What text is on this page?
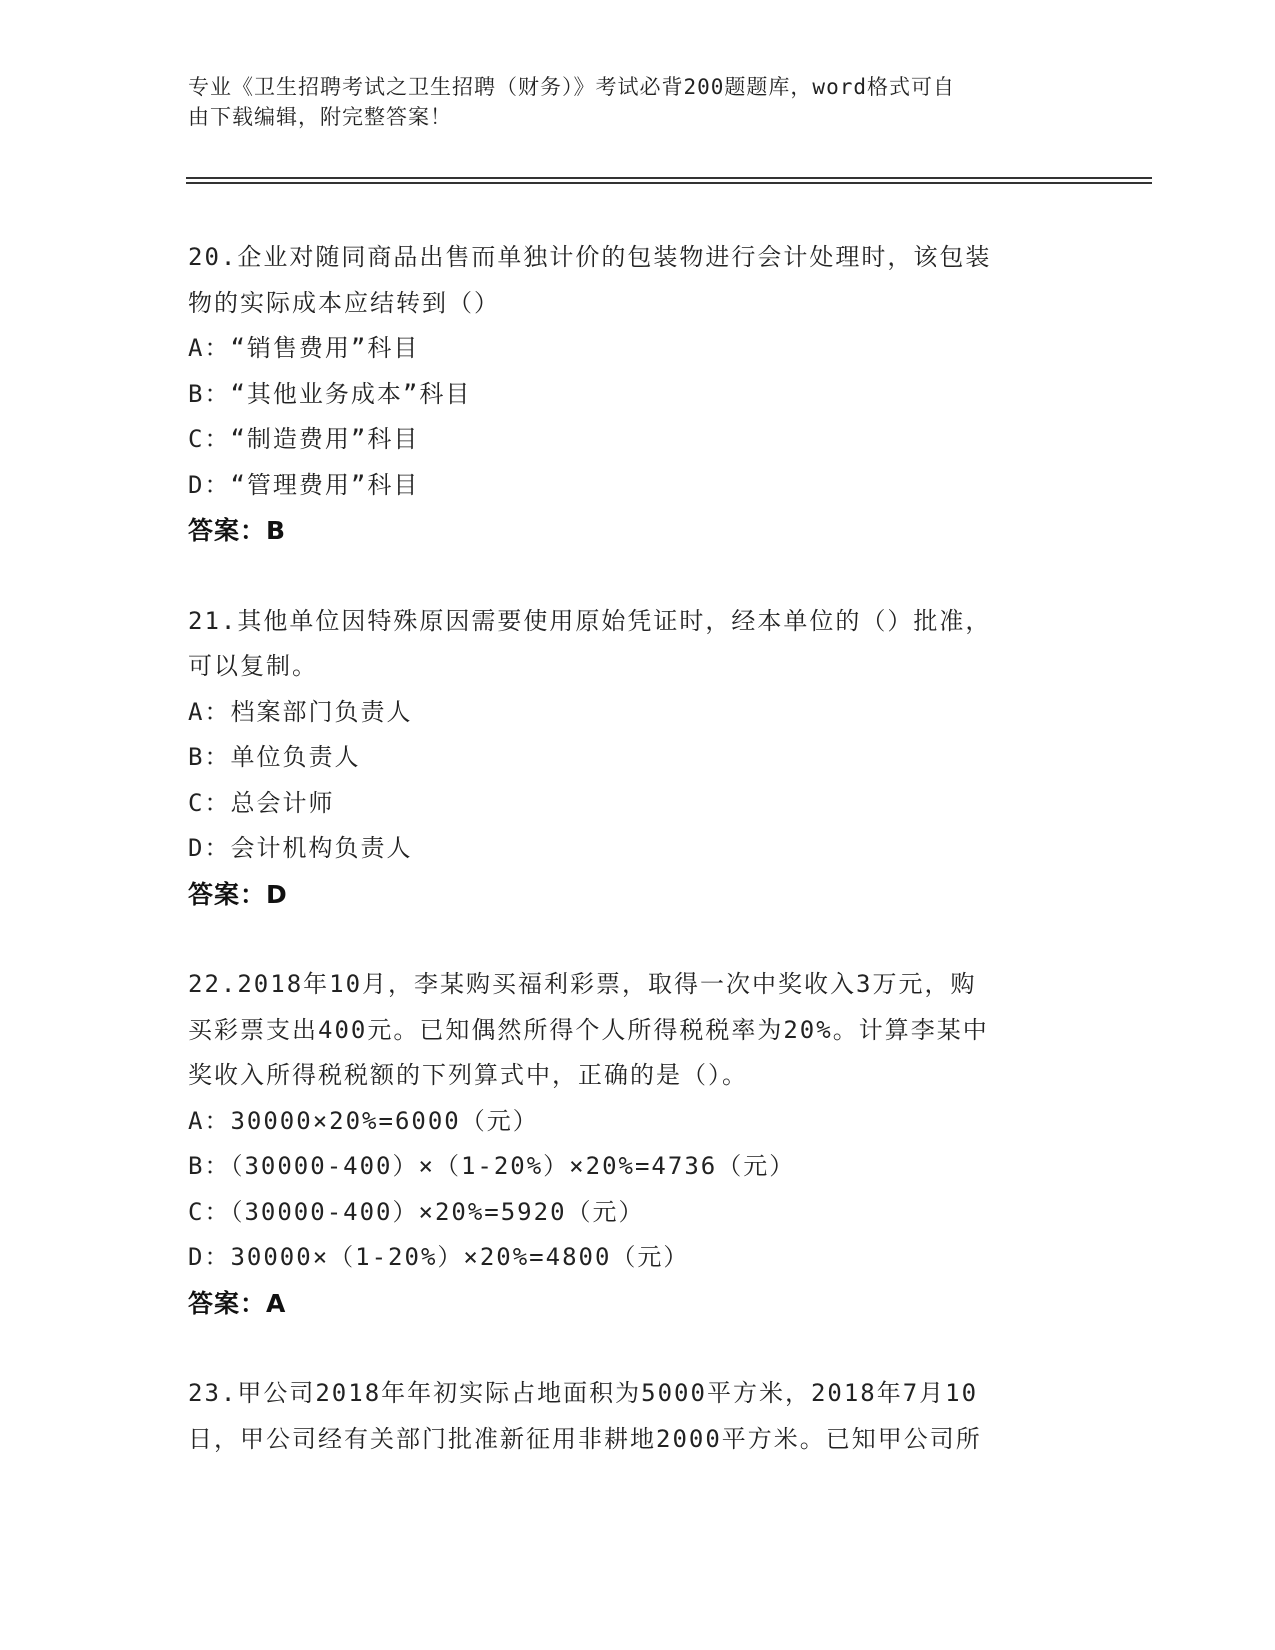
专业《卫生招聘考试之卫生招聘（财务）》考试必背200题题库，word格式可自
由下载编辑，附完整答案！

20.企业对随同商品出售而单独计价的包装物进行会计处理时，该包装

物的实际成本应结转到（）

A：“销售费用”科目

B：“其他业务成本”科目

C：“制造费用”科目

D：“管理费用”科目

答案：B

21.其他单位因特殊原因需要使用原始凭证时，经本单位的（）批准，

可以复制。

A：档案部门负责人

B：单位负责人

C：总会计师

D：会计机构负责人

答案：D

22.2018年10月，李某购买福利彩票，取得一次中奖收入3万元，购

买彩票支出400元。已知偶然所得个人所得税税率为20%。计算李某中

奖收入所得税税额的下列算式中，正确的是（）。

A：30000×20%=6000（元）

B：（30000-400）×（1-20%）×20%=4736（元）

C：（30000-400）×20%=5920（元）

D：30000×（1-20%）×20%=4800（元）

答案：A

23.甲公司2018年年初实际占地面积为5000平方米，2018年7月10

日，甲公司经有关部门批准新征用非耕地2000平方米。已知甲公司所
